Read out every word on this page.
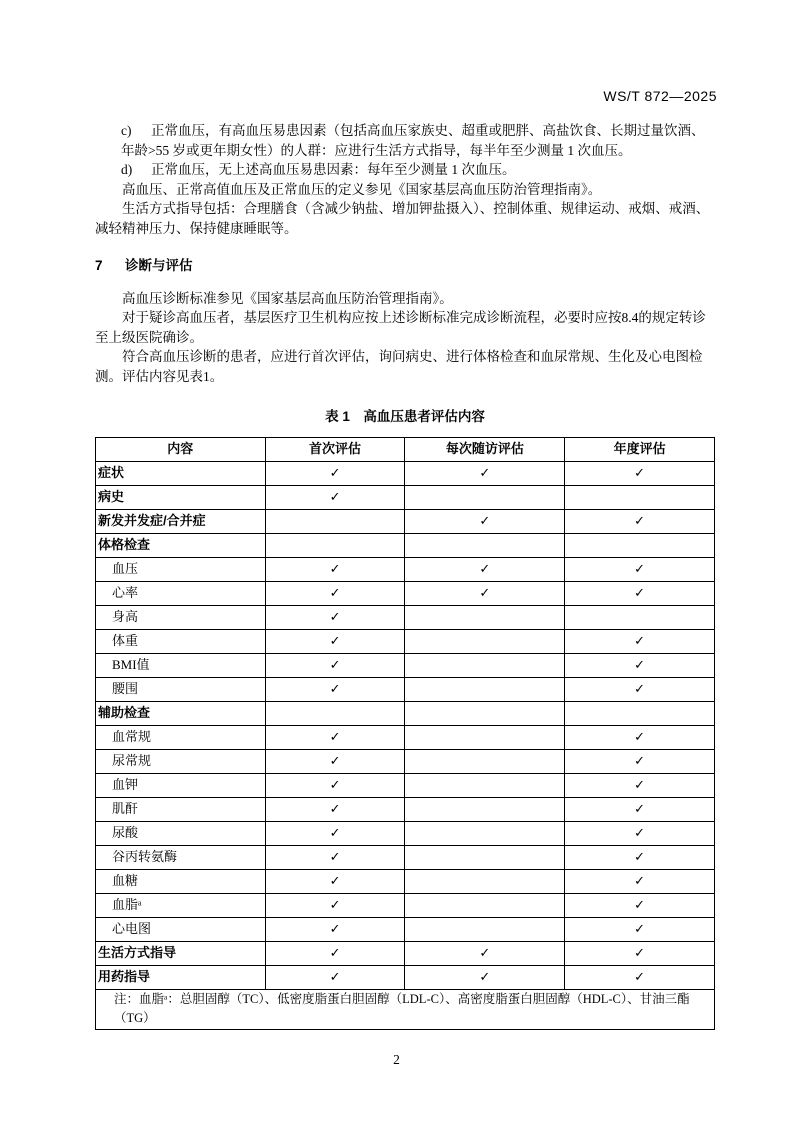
WS/T 872—2025
c) 正常血压，有高血压易患因素（包括高血压家族史、超重或肥胖、高盐饮食、长期过量饮酒、年龄>55 岁或更年期女性）的人群：应进行生活方式指导，每半年至少测量 1 次血压。
d) 正常血压，无上述高血压易患因素：每年至少测量 1 次血压。
高血压、正常高值血压及正常血压的定义参见《国家基层高血压防治管理指南》。
生活方式指导包括：合理膳食（含减少钠盐、增加钾盐摄入）、控制体重、规律运动、戒烟、戒酒、减轻精神压力、保持健康睡眠等。
7 诊断与评估
高血压诊断标准参见《国家基层高血压防治管理指南》。
对于疑诊高血压者，基层医疗卫生机构应按上述诊断标准完成诊断流程，必要时应按8.4的规定转诊至上级医院确诊。
符合高血压诊断的患者，应进行首次评估，询问病史、进行体格检查和血尿常规、生化及心电图检测。评估内容见表1。
表 1　高血压患者评估内容
内容	首次评估	每次随访评估	年度评估
症状	✓	✓	✓
病史	✓		
新发并发症/合并症		✓	✓
体格检查			
血压	✓	✓	✓
心率	✓	✓	✓
身高	✓		
体重	✓		✓
BMI值	✓		✓
腰围	✓		✓
辅助检查			
血常规	✓		✓
尿常规	✓		✓
血钾	✓		✓
肌酐	✓		✓
尿酸	✓		✓
谷丙转氨酶	✓		✓
血糖	✓		✓
血脂ᵃ	✓		✓
心电图	✓		✓
生活方式指导	✓	✓	✓
用药指导	✓	✓	✓
注：血脂ᵃ：总胆固醇（TC）、低密度脂蛋白胆固醇（LDL-C）、高密度脂蛋白胆固醇（HDL-C）、甘油三酯（TG）			
2
